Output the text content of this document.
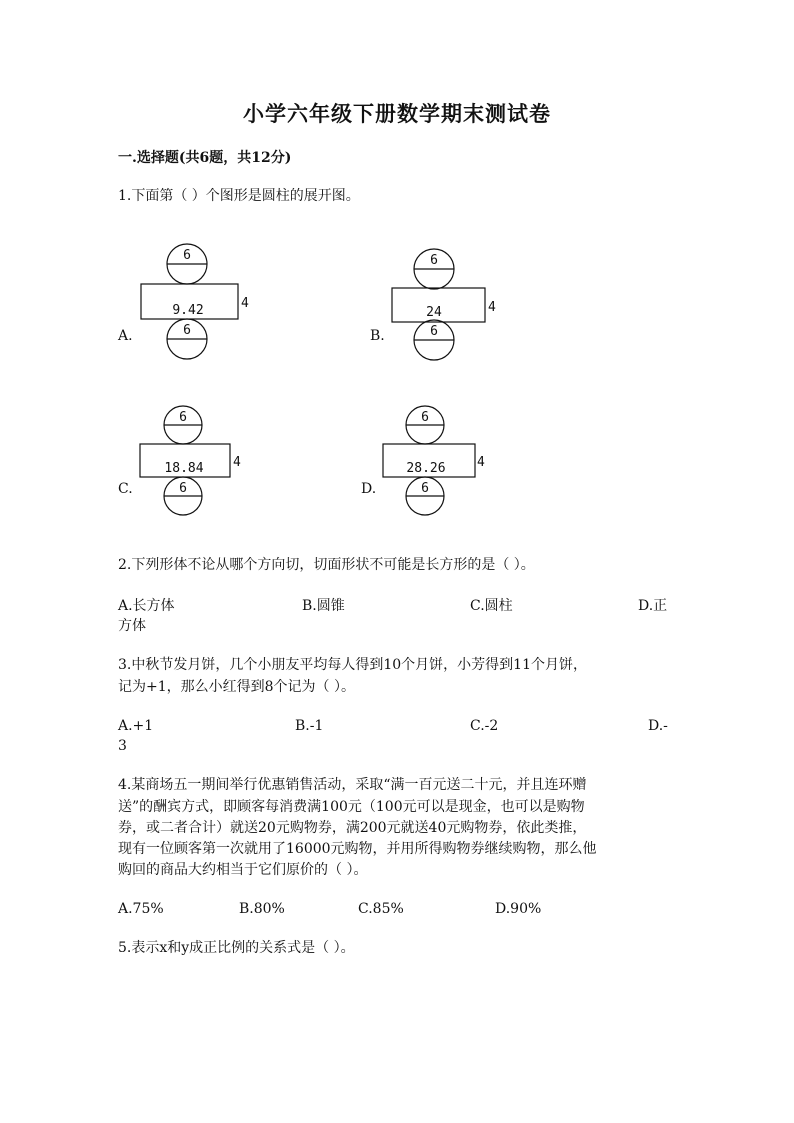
小学六年级下册数学期末测试卷
一.选择题(共6题，共12分)
1.下面第（ ）个图形是圆柱的展开图。
A.
6
9.42	4
6	B.
6
24	4
6
C.
6
18.84 4
6	D.
6
28.26 4
6
2.下列形体不论从哪个方向切，切面形状不可能是长方形的是（ ）。
A.长方体	B.圆锥	C.圆柱	D.正
方体
3.中秋节发月饼，几个小朋友平均每人得到10个月饼，小芳得到11个月饼，
记为+1，那么小红得到8个记为（ ）。
A.+1	B.-1	C.-2	D.-
3
4.某商场五一期间举行优惠销售活动，采取“满一百元送二十元，并且连环赠
送”的酬宾方式，即顾客每消费满100元（100元可以是现金，也可以是购物
券，或二者合计）就送20元购物券，满200元就送40元购物券，依此类推，
现有一位顾客第一次就用了16000元购物，并用所得购物券继续购物，那么他
购回的商品大约相当于它们原价的（ ）。
A.75%	B.80%	C.85%	D.90%
5.表示x和y成正比例的关系式是（ ）。
